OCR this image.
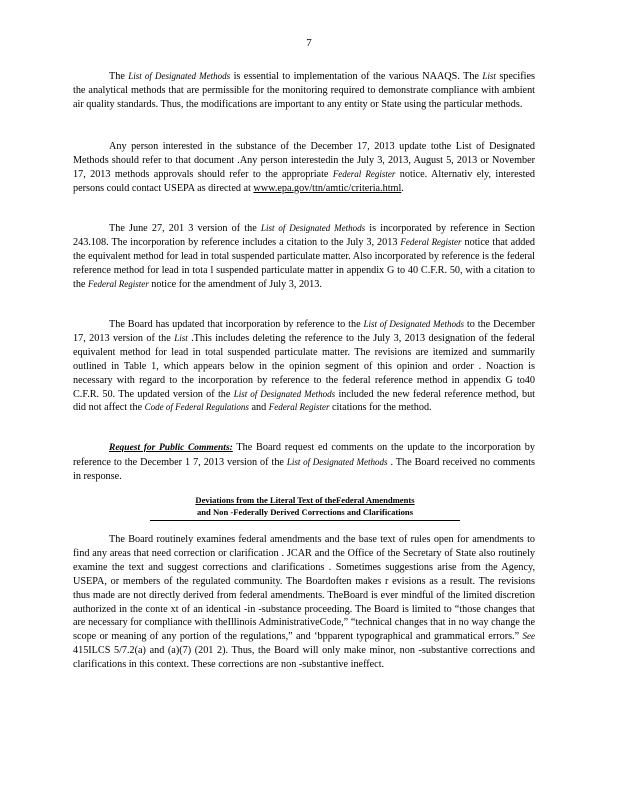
7

The List of Designated Methods is essential to implementation of the various NAAQS. The List specifies the analytical methods that are permissible for the monitoring required to demonstrate compliance with ambient air quality standards. Thus, the modifications are important to any entity or State using the particular methods.

Any person interested in the substance of the December 17, 2013 update tothe List of Designated Methods should refer to that document .Any person interestedin the July 3, 2013, August 5, 2013 or November 17, 2013 methods approvals should refer to the appropriate Federal Register notice. Alternativ ely, interested persons could contact USEPA as directed at www.epa.gov/ttn/amtic/criteria.html.

The June 27, 201 3 version of the List of Designated Methods is incorporated by reference in Section 243.108. The incorporation by reference includes a citation to the July 3, 2013 Federal Register notice that added the equivalent method for lead in total suspended particulate matter. Also incorporated by reference is the federal reference method for lead in tota l suspended particulate matter in appendix G to 40 C.F.R. 50, with a citation to the Federal Register notice for the amendment of July 3, 2013.

The Board has updated that incorporation by reference to the List of Designated Methods to the December 17, 2013 version of the List .This includes deleting the reference to the July 3, 2013 designation of the federal equivalent method for lead in total suspended particulate matter. The revisions are itemized and summarily outlined in Table 1, which appears below in the opinion segment of this opinion and order . Noaction is necessary with regard to the incorporation by reference to the federal reference method in appendix G to40 C.F.R. 50. The updated version of the List of Designated Methods included the new federal reference method, but did not affect the Code of Federal Regulations and Federal Register citations for the method.

Request for Public Comments: The Board request ed comments on the update to the incorporation by reference to the December 1 7, 2013 version of the List of Designated Methods . The Board received no comments in response.

Deviations from the Literal Text of theFederal Amendments
and Non -Federally Derived Corrections and Clarifications

The Board routinely examines federal amendments and the base text of rules open for amendments to find any areas that need correction or clarification . JCAR and the Office of the Secretary of State also routinely examine the text and suggest corrections and clarifications . Sometimes suggestions arise from the Agency, USEPA, or members of the regulated community. The Boardoften makes r evisions as a result. The revisions thus made are not directly derived from federal amendments. TheBoard is ever mindful of the limited discretion authorized in the conte xt of an identical -in -substance proceeding. The Board is limited to “those changes that are necessary for compliance with theIllinois AdministrativeCode,” “technical changes that in no way change the scope or meaning of any portion of the regulations,” and ‘bpparent typographical and grammatical errors.” See 415ILCS 5/7.2(a) and (a)(7) (201 2). Thus, the Board will only make minor, non -substantive corrections and clarifications in this context. These corrections are non -substantive ineffect.
